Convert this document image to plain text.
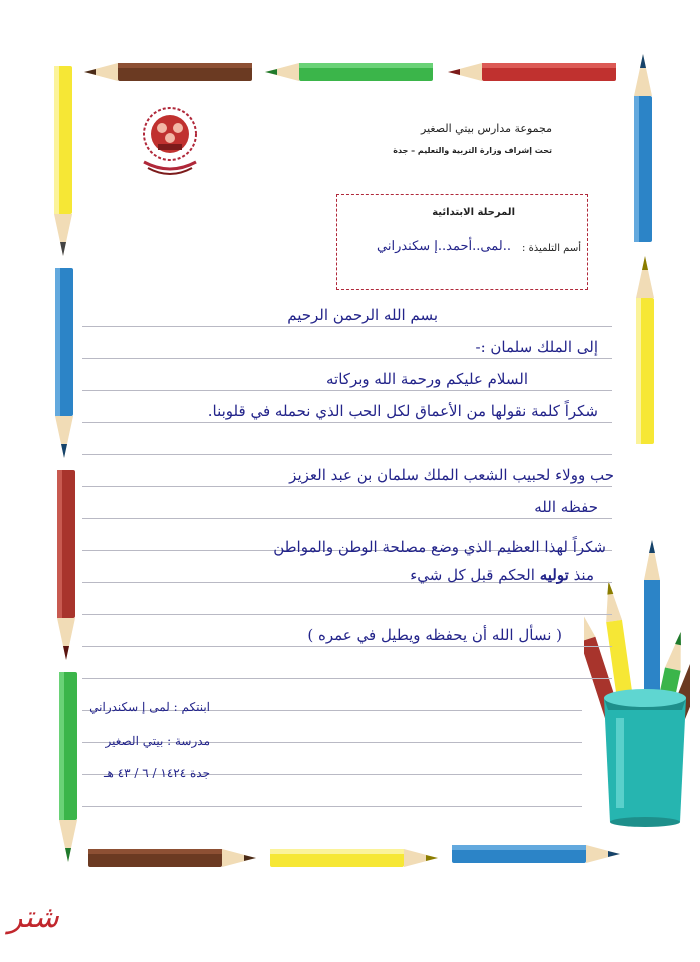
مجموعة مدارس بيتي الصغير
تحت إشراف وزارة التربية والتعليم – جدة
المرحلة الابتدائية
أسم التلميذة :
..لمى..أحمد..إ سكندراني
بسم الله الرحمن الرحيم
إلى الملك سلمان :-
السلام عليكم ورحمة الله وبركاته
شكراً كلمة نقولها من الأعماق لكل الحب الذي نحمله في قلوبنا.
حب وولاء لحبيب الشعب الملك سلمان بن عبد العزيز
حفظه الله
شكراً لهذا العظيم الذي وضع مصلحة الوطن والمواطن
منذ توليه الحكم قبل كل شيء
( نسأل الله أن يحفظه ويطيل في عمره )
ابنتكم : لمى إ سكندراني
مدرسة : بيتي الصغير
جدة ١٤٢٤ / ٦ / ٤٣ هـ
شتر
